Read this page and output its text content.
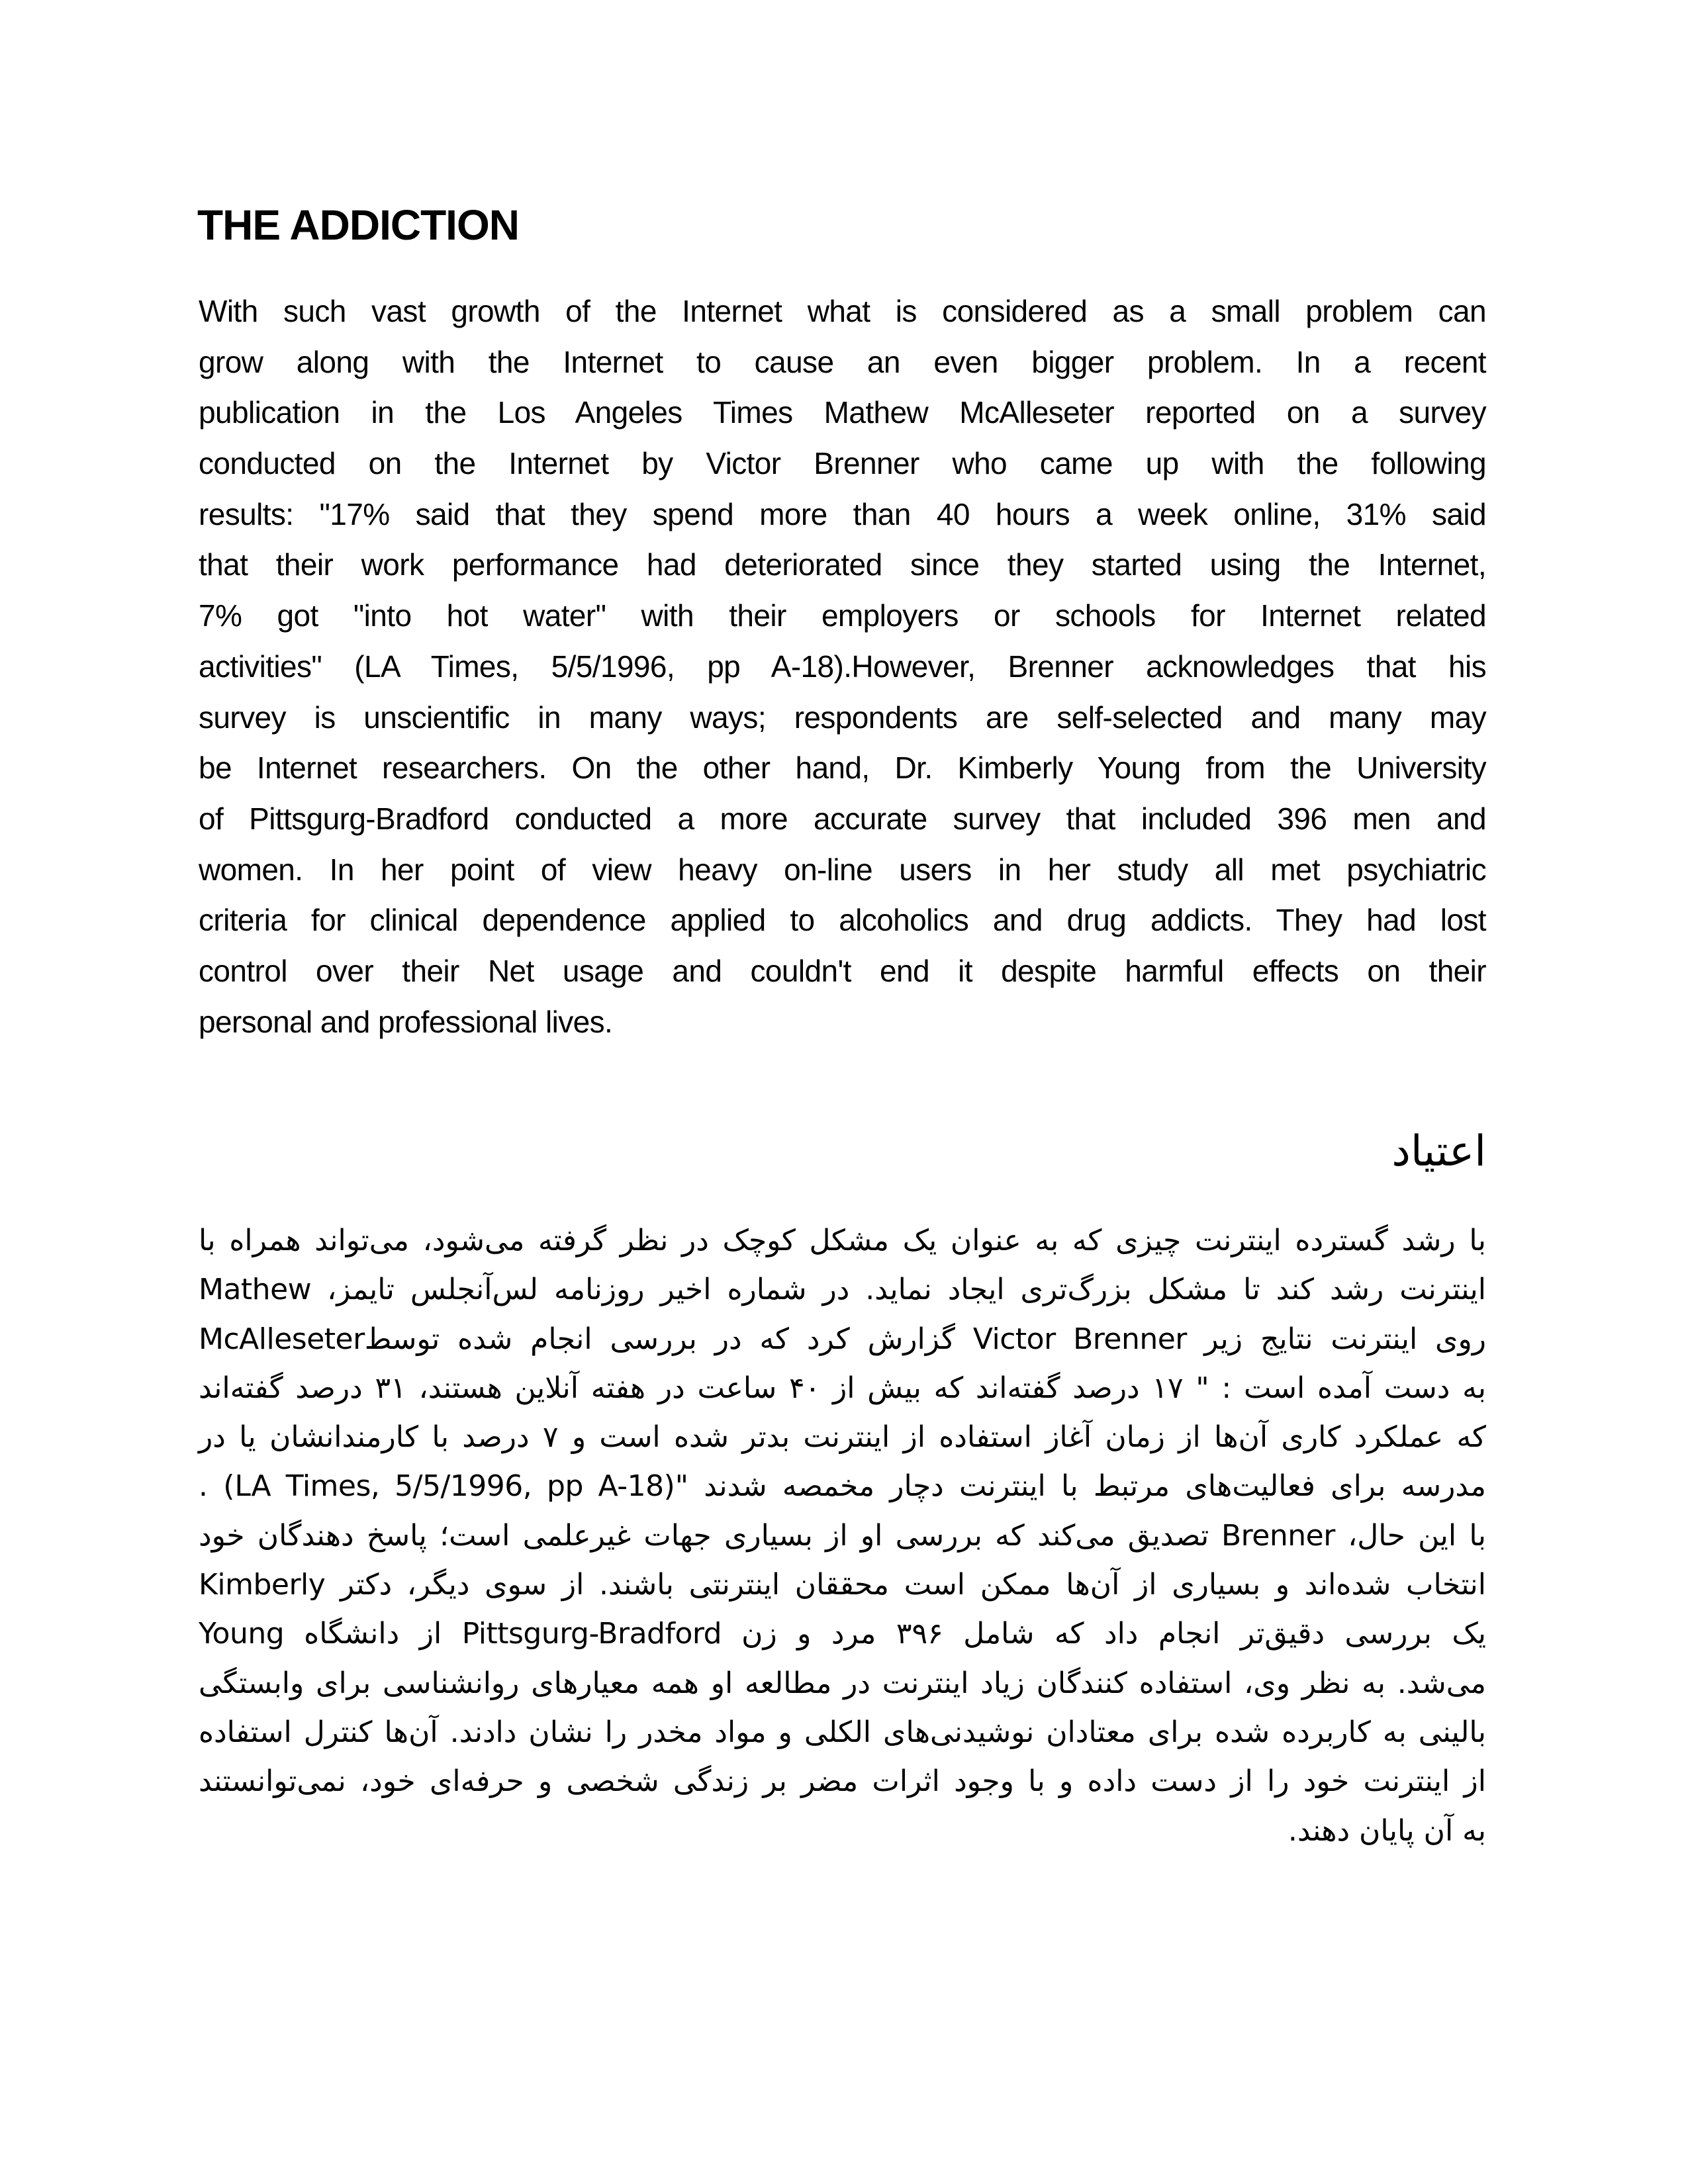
THE ADDICTION
With such vast growth of the Internet what is considered as a small problem can
grow along with the Internet to cause an even bigger problem. In a recent
publication in the Los Angeles Times Mathew McAlleseter reported on a survey
conducted on the Internet by Victor Brenner who came up with the following
results: "17% said that they spend more than 40 hours a week online, 31% said
that their work performance had deteriorated since they started using the Internet,
7% got "into hot water" with their employers or schools for Internet related
activities" (LA Times, 5/5/1996, pp A-18).However, Brenner acknowledges that his
survey is unscientific in many ways; respondents are self-selected and many may
be Internet researchers. On the other hand, Dr. Kimberly Young from the University
of Pittsgurg-Bradford conducted a more accurate survey that included 396 men and
women. In her point of view heavy on-line users in her study all met psychiatric
criteria for clinical dependence applied to alcoholics and drug addicts. They had lost
control over their Net usage and couldn't end it despite harmful effects on their
personal and professional lives.
اعتیاد
با رشد گسترده اینترنت چیزی که به عنوان یک مشکل کوچک در نظر گرفته می‌شود، می‌تواند همراه با
اینترنت رشد کند تا مشکل بزرگ‌تری ایجاد نماید. در شماره اخیر روزنامه لس‌آنجلس تایمز، Mathew
McAlleseterگزارش کرد که در بررسی انجام شده توسط Victor Brenner روی اینترنت نتایج زیر
به دست آمده است : " ۱۷ درصد گفته‌اند که بیش از ۴۰ ساعت در هفته آنلاین هستند، ۳۱ درصد گفته‌اند
که عملکرد کاری آن‌ها از زمان آغاز استفاده از اینترنت بدتر شده است و ۷ درصد با کارمندانشان یا در
مدرسه برای فعالیت‌های مرتبط با اینترنت دچار مخمصه شدند "(LA Times, 5/5/1996, pp A-18) .
با این حال، Brenner تصدیق می‌کند که بررسی او از بسیاری جهات غیرعلمی است؛ پاسخ دهندگان خود
انتخاب شده‌اند و بسیاری از آن‌ها ممکن است محققان اینترنتی باشند. از سوی دیگر، دکتر Kimberly
Young از دانشگاه Pittsgurg-Bradford یک بررسی دقیق‌تر انجام داد که شامل ۳۹۶ مرد و زن
می‌شد. به نظر وی، استفاده کنندگان زیاد اینترنت در مطالعه او همه معیارهای روانشناسی برای وابستگی
بالینی به کاربرده شده برای معتادان نوشیدنی‌های الکلی و مواد مخدر را نشان دادند. آن‌ها کنترل استفاده
از اینترنت خود را از دست داده و با وجود اثرات مضر بر زندگی شخصی و حرفه‌ای خود، نمی‌توانستند
به آن پایان دهند.
